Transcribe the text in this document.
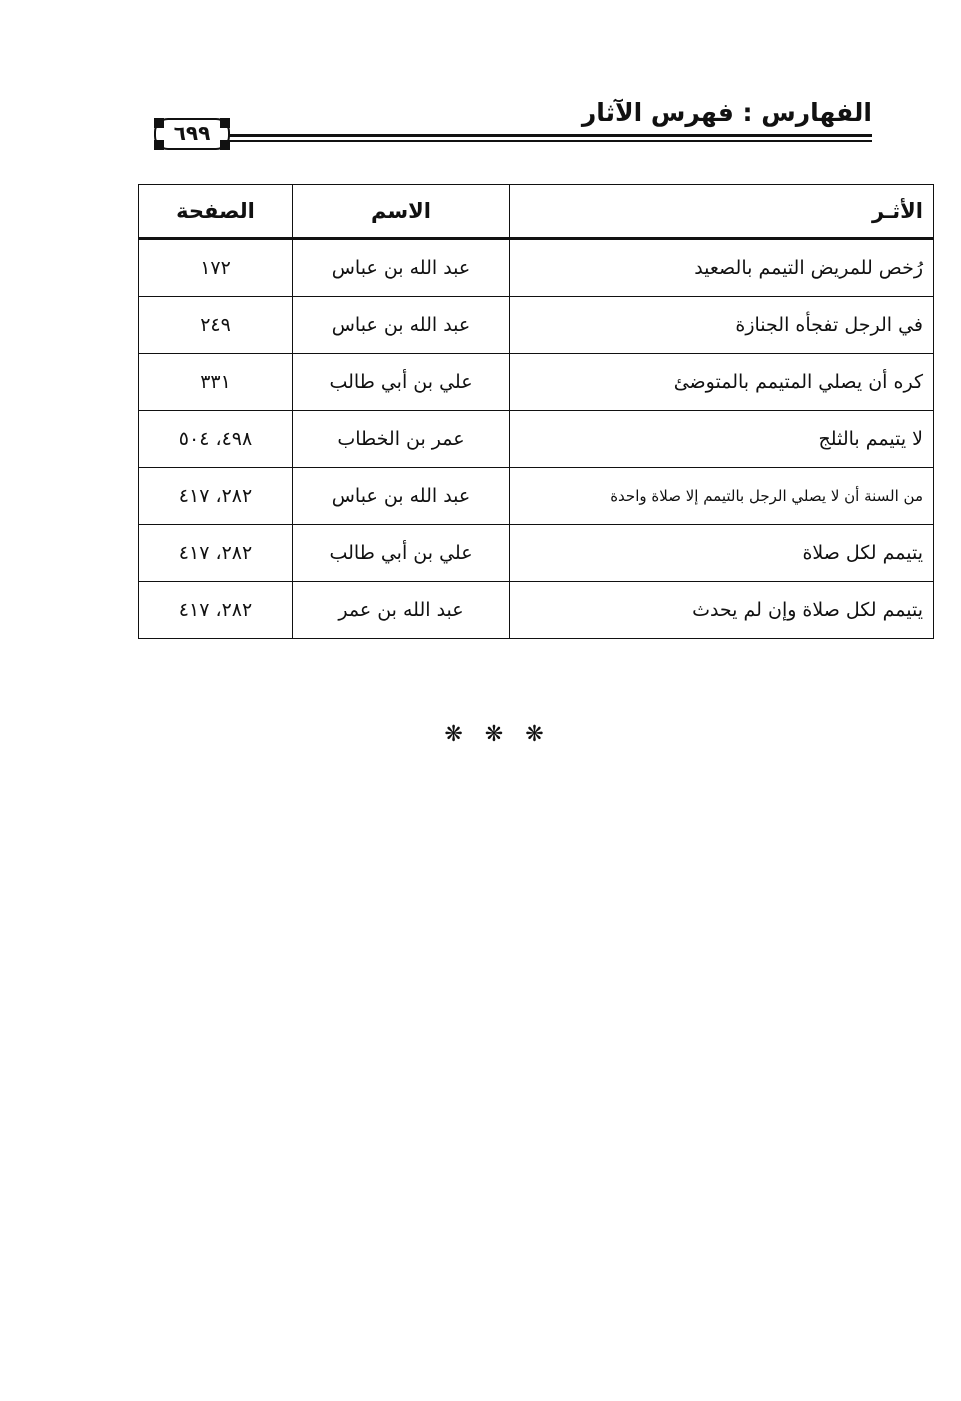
الفهارس : فهرس الآثار
٦٩٩
الأثـر	الاسم	الصفحة
رُخص للمريض التيمم بالصعيد	عبد الله بن عباس	١٧٢
في الرجل تفجأه الجنازة	عبد الله بن عباس	٢٤٩
كره أن يصلي المتيمم بالمتوضئ	علي بن أبي طالب	٣٣١
لا يتيمم بالثلج	عمر بن الخطاب	٤٩٨، ٥٠٤
من السنة أن لا يصلي الرجل بالتيمم إلا صلاة واحدة	عبد الله بن عباس	٢٨٢، ٤١٧
يتيمم لكل صلاة	علي بن أبي طالب	٢٨٢، ٤١٧
يتيمم لكل صلاة وإن لم يحدث	عبد الله بن عمر	٢٨٢، ٤١٧
❋❋❋
